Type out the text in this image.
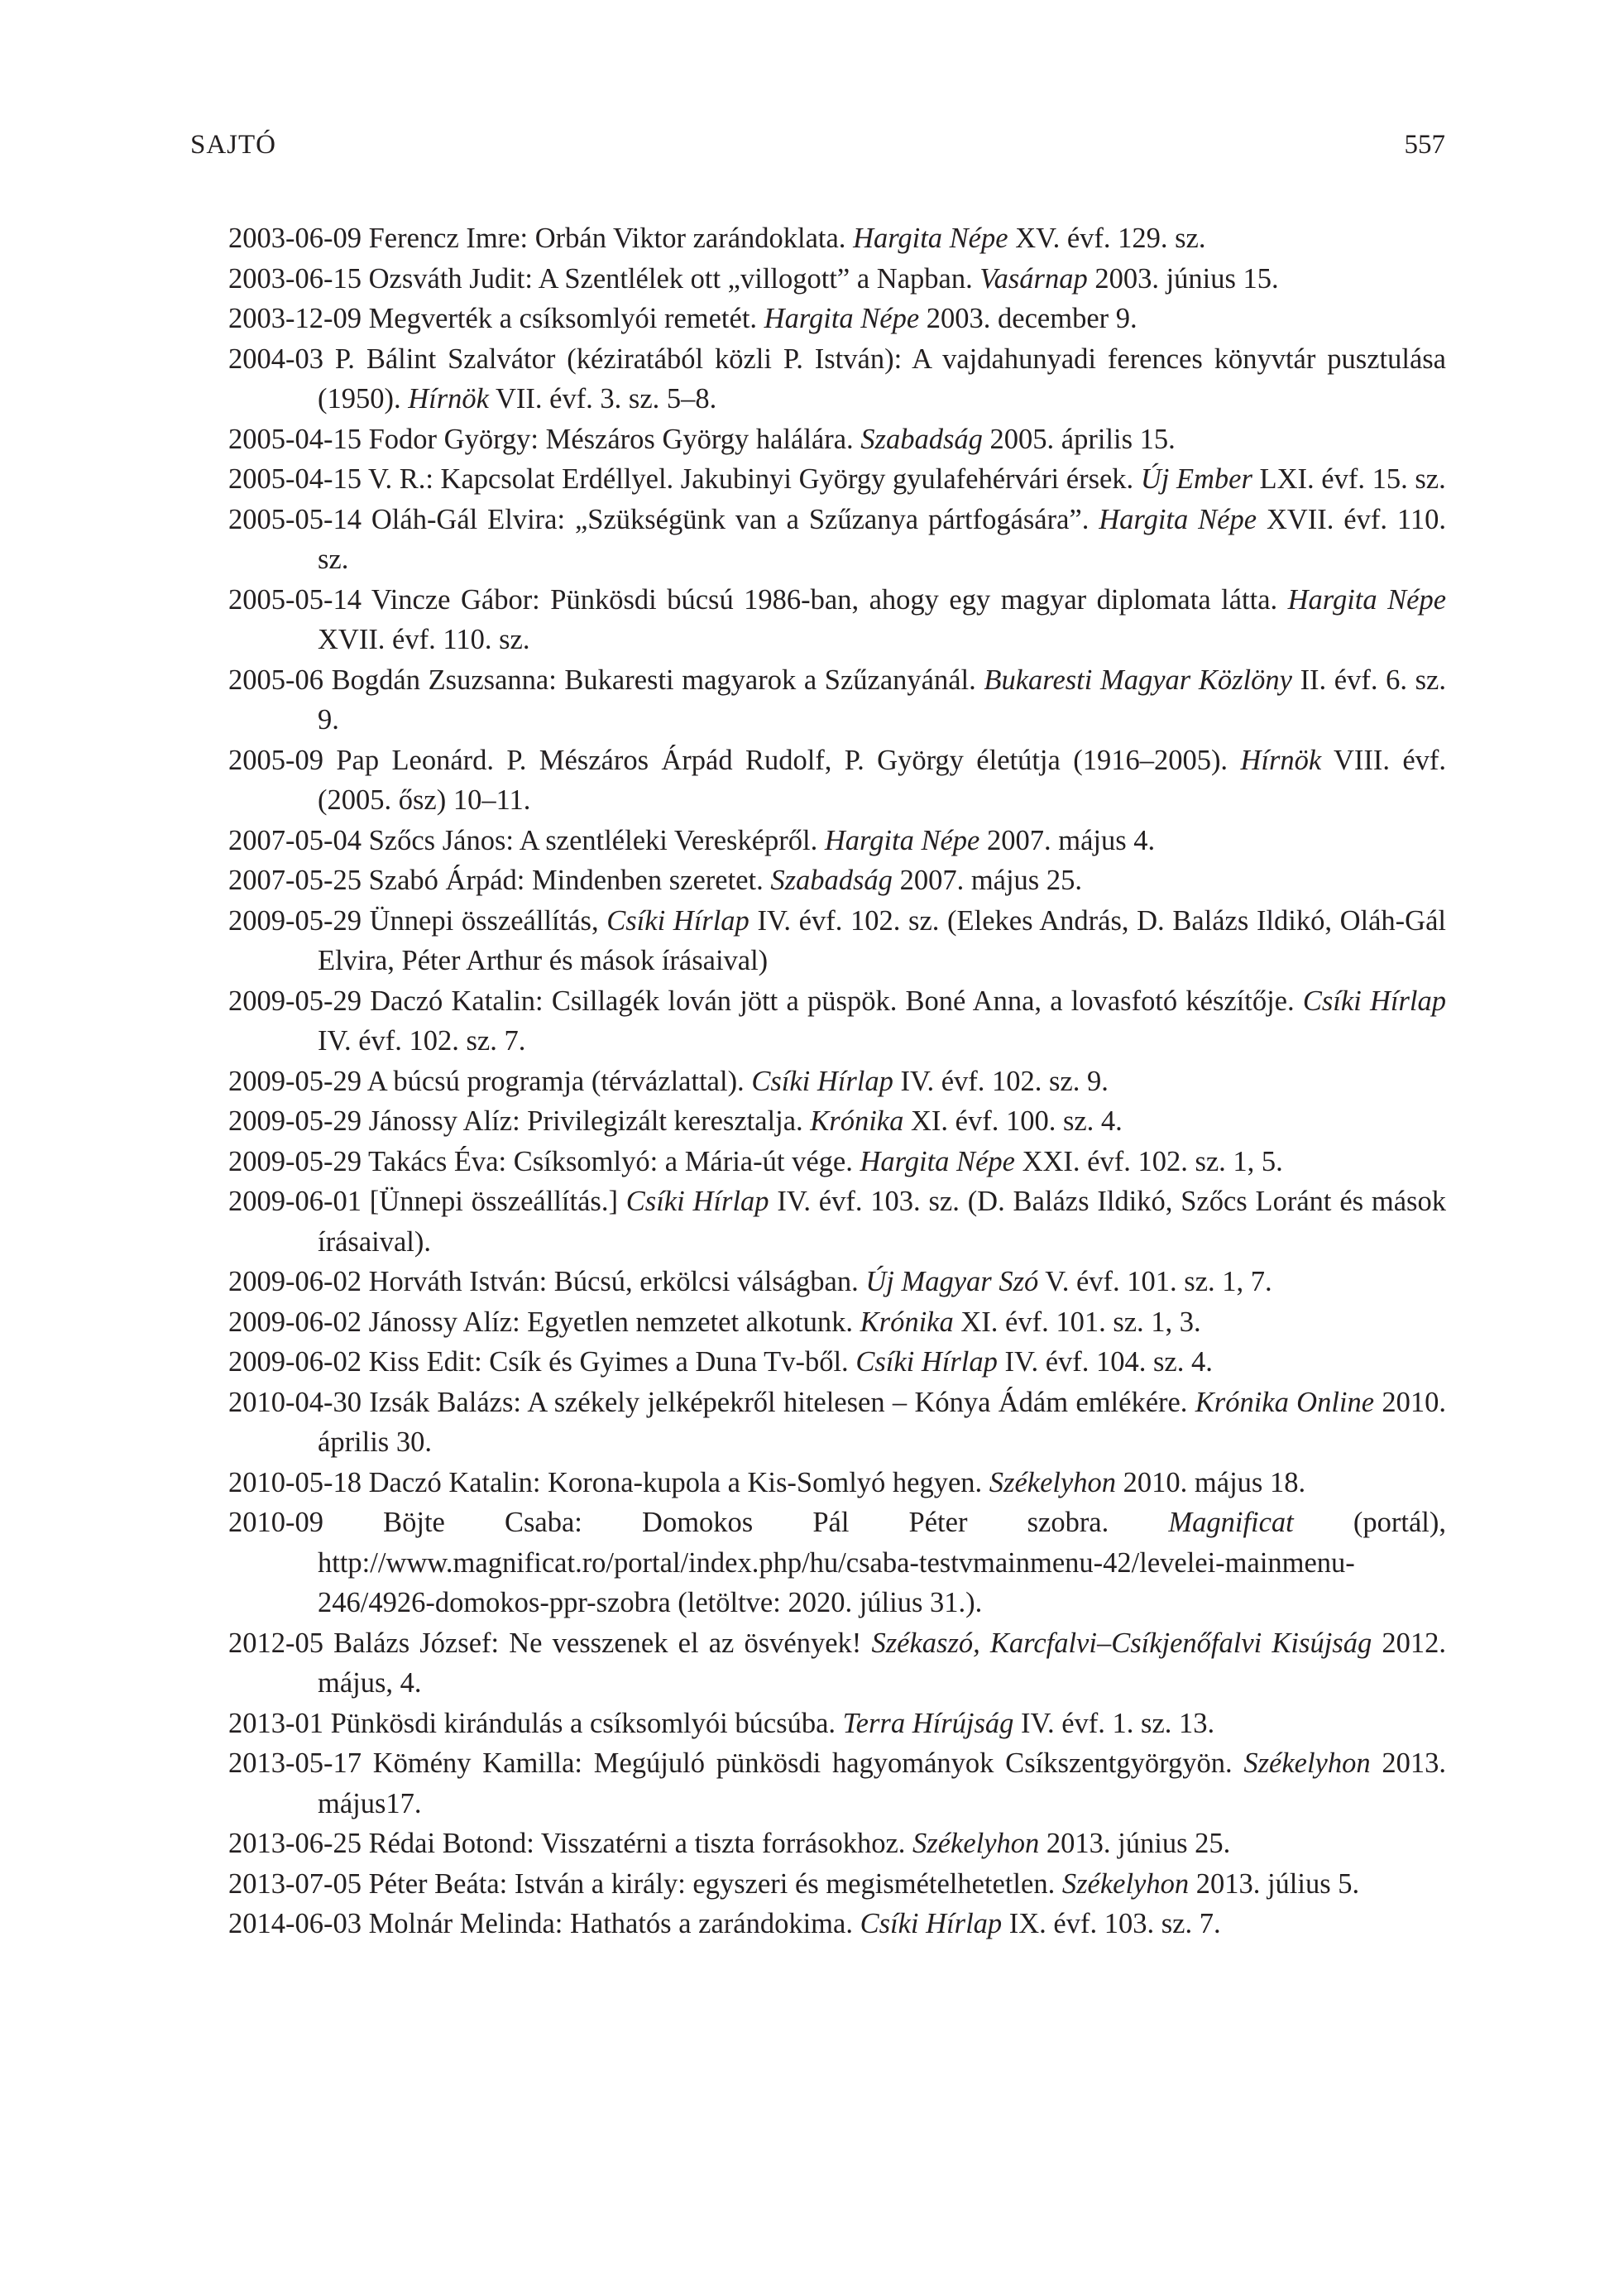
SAJTÓ	557
2003-06-09 Ferencz Imre: Orbán Viktor zarándoklata. Hargita Népe XV. évf. 129. sz.
2003-06-15 Ozsváth Judit: A Szentlélek ott „villogott” a Napban. Vasárnap 2003. június 15.
2003-12-09 Megverték a csíksomlyói remetét. Hargita Népe 2003. december 9.
2004-03 P. Bálint Szalvátor (kéziratából közli P. István): A vajdahunyadi ferences könyvtár pusztulása (1950). Hírnök VII. évf. 3. sz. 5–8.
2005-04-15 Fodor György: Mészáros György halálára. Szabadság 2005. április 15.
2005-04-15 V. R.: Kapcsolat Erdéllyel. Jakubinyi György gyulafehérvári érsek. Új Ember LXI. évf. 15. sz.
2005-05-14 Oláh-Gál Elvira: „Szükségünk van a Szűzanya pártfogására”. Hargita Népe XVII. évf. 110. sz.
2005-05-14 Vincze Gábor: Pünkösdi búcsú 1986-ban, ahogy egy magyar diplomata látta. Hargita Népe XVII. évf. 110. sz.
2005-06 Bogdán Zsuzsanna: Bukaresti magyarok a Szűzanyánál. Bukaresti Magyar Közlöny II. évf. 6. sz. 9.
2005-09 Pap Leonárd. P. Mészáros Árpád Rudolf, P. György életútja (1916–2005). Hírnök VIII. évf. (2005. ősz) 10–11.
2007-05-04 Szőcs János: A szentléleki Veresképről. Hargita Népe 2007. május 4.
2007-05-25 Szabó Árpád: Mindenben szeretet. Szabadság 2007. május 25.
2009-05-29 Ünnepi összeállítás, Csíki Hírlap IV. évf. 102. sz. (Elekes András, D. Balázs Ildikó, Oláh-Gál Elvira, Péter Arthur és mások írásaival)
2009-05-29 Daczó Katalin: Csillagék lován jött a püspök. Boné Anna, a lovasfotó készítője. Csíki Hírlap IV. évf. 102. sz. 7.
2009-05-29 A búcsú programja (térvázlattal). Csíki Hírlap IV. évf. 102. sz. 9.
2009-05-29 Jánossy Alíz: Privilegizált keresztalja. Krónika XI. évf. 100. sz. 4.
2009-05-29 Takács Éva: Csíksomlyó: a Mária-út vége. Hargita Népe XXI. évf. 102. sz. 1, 5.
2009-06-01 [Ünnepi összeállítás.] Csíki Hírlap IV. évf. 103. sz. (D. Balázs Ildikó, Szőcs Loránt és mások írásaival).
2009-06-02 Horváth István: Búcsú, erkölcsi válságban. Új Magyar Szó V. évf. 101. sz. 1, 7.
2009-06-02 Jánossy Alíz: Egyetlen nemzetet alkotunk. Krónika XI. évf. 101. sz. 1, 3.
2009-06-02 Kiss Edit: Csík és Gyimes a Duna Tv-ből. Csíki Hírlap IV. évf. 104. sz. 4.
2010-04-30 Izsák Balázs: A székely jelképekről hitelesen – Kónya Ádám emlékére. Krónika Online 2010. április 30.
2010-05-18 Daczó Katalin: Korona-kupola a Kis-Somlyó hegyen. Székelyhon 2010. május 18.
2010-09 Böjte Csaba: Domokos Pál Péter szobra. Magnificat (portál), http://www.magnificat.ro/portal/index.php/hu/csaba-testvmainmenu-42/levelei-mainmenu-246/4926-domokos-ppr-szobra (letöltve: 2020. július 31.).
2012-05 Balázs József: Ne vesszenek el az ösvények! Székaszó, Karcfalvi–Csíkjenőfalvi Kisújság 2012. május, 4.
2013-01 Pünkösdi kirándulás a csíksomlyói búcsúba. Terra Hírújság IV. évf. 1. sz. 13.
2013-05-17 Kömény Kamilla: Megújuló pünkösdi hagyományok Csíkszentgyörgyön. Székelyhon 2013. május17.
2013-06-25 Rédai Botond: Visszatérni a tiszta forrásokhoz. Székelyhon 2013. június 25.
2013-07-05 Péter Beáta: István a király: egyszeri és megismételhetetlen. Székelyhon 2013. július 5.
2014-06-03 Molnár Melinda: Hathatós a zarándokima. Csíki Hírlap IX. évf. 103. sz. 7.
